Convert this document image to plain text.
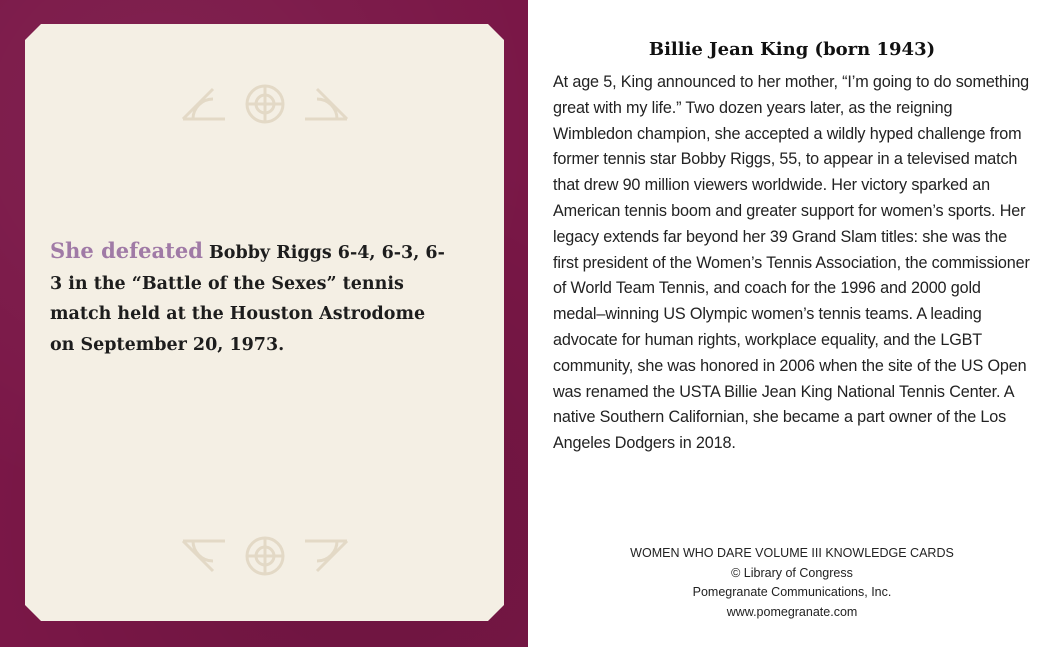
She defeated Bobby Riggs 6-4, 6-3, 6-3 in the “Battle of the Sexes” tennis match held at the Houston Astrodome on September 20, 1973.
Billie Jean King (born 1943)

At age 5, King announced to her mother, “I’m going to do something great with my life.” Two dozen years later, as the reigning Wimbledon champion, she accepted a wildly hyped challenge from former tennis star Bobby Riggs, 55, to appear in a televised match that drew 90 million viewers worldwide. Her victory sparked an American tennis boom and greater support for women’s sports. Her legacy extends far beyond her 39 Grand Slam titles: she was the first president of the Women’s Tennis Association, the commissioner of World Team Tennis, and coach for the 1996 and 2000 gold medal–winning US Olympic women’s tennis teams. A leading advocate for human rights, workplace equality, and the LGBT community, she was honored in 2006 when the site of the US Open was renamed the USTA Billie Jean King National Tennis Center. A native Southern Californian, she became a part owner of the Los Angeles Dodgers in 2018.

WOMEN WHO DARE VOLUME III KNOWLEDGE CARDS
© Library of Congress
Pomegranate Communications, Inc.
www.pomegranate.com
